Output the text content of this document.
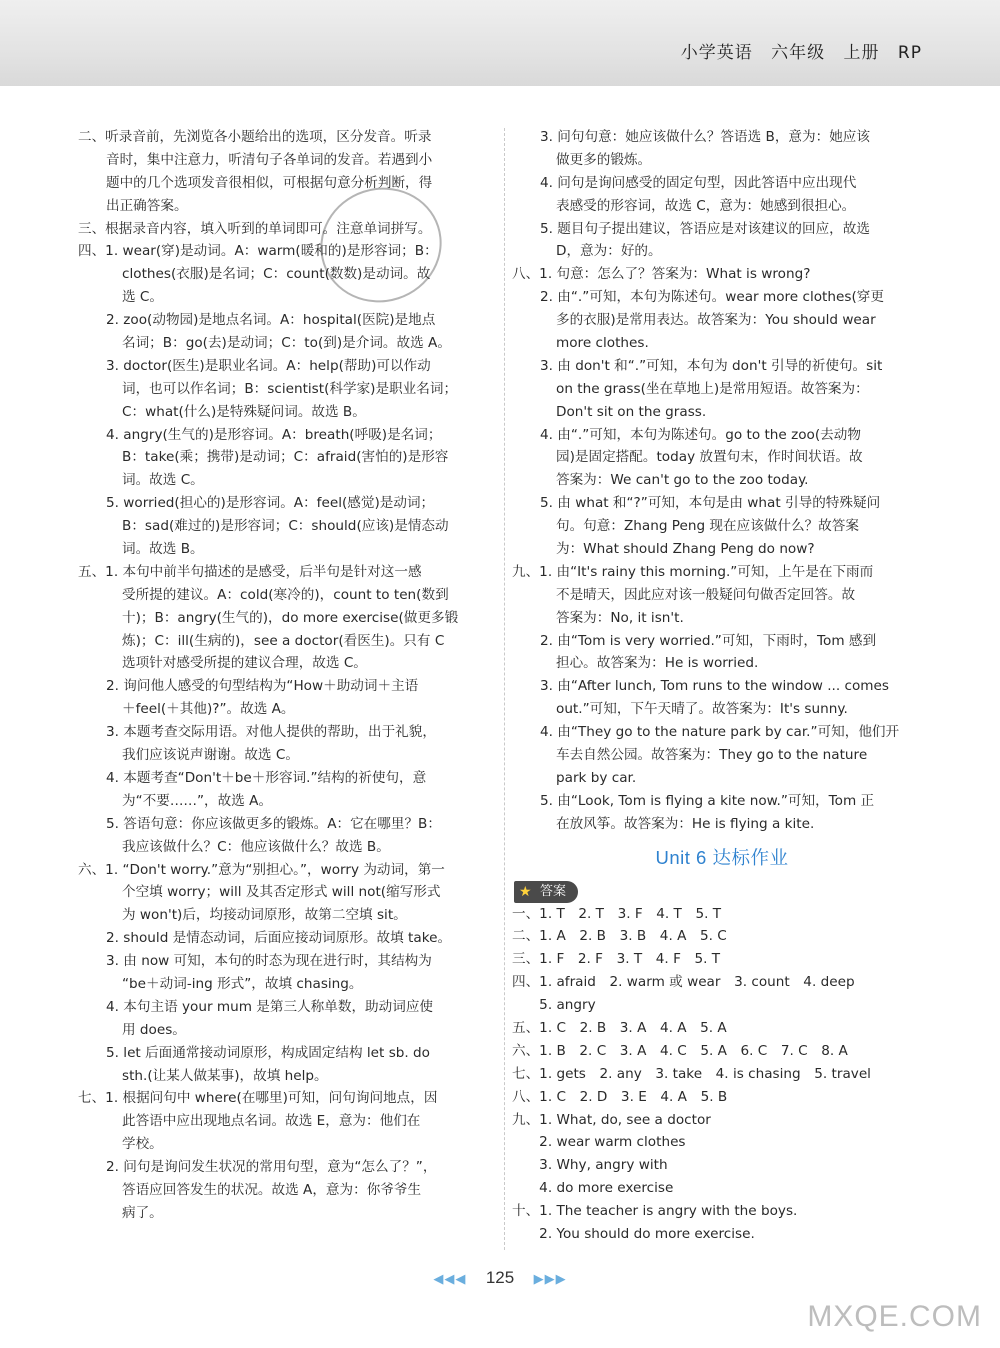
小学英语 六年级 上册 RP
二、听录音前，先浏览各小题给出的选项，区分发音。听录
音时，集中注意力，听清句子各单词的发音。若遇到小
题中的几个选项发音很相似，可根据句意分析判断，得
出正确答案。
三、根据录音内容，填入听到的单词即可。注意单词拼写。
四、1. wear(穿)是动词。A：warm(暖和的)是形容词；B：
clothes(衣服)是名词；C：count(数数)是动词。故
选 C。
2. zoo(动物园)是地点名词。A：hospital(医院)是地点
名词；B：go(去)是动词；C：to(到)是介词。故选 A。
3. doctor(医生)是职业名词。A：help(帮助)可以作动
词，也可以作名词；B：scientist(科学家)是职业名词；
C：what(什么)是特殊疑问词。故选 B。
4. angry(生气的)是形容词。A：breath(呼吸)是名词；
B：take(乘；携带)是动词；C：afraid(害怕的)是形容
词。故选 C。
5. worried(担心的)是形容词。A：feel(感觉)是动词；
B：sad(难过的)是形容词；C：should(应该)是情态动
词。故选 B。
五、1. 本句中前半句描述的是感受，后半句是针对这一感
受所提的建议。A：cold(寒冷的)，count to ten(数到
十)；B：angry(生气的)，do more exercise(做更多锻
炼)；C：ill(生病的)，see a doctor(看医生)。只有 C
选项针对感受所提的建议合理，故选 C。
2. 询问他人感受的句型结构为“How＋助动词＋主语
＋feel(＋其他)?”。故选 A。
3. 本题考查交际用语。对他人提供的帮助，出于礼貌，
我们应该说声谢谢。故选 C。
4. 本题考查“Don't＋be＋形容词.”结构的祈使句，意
为“不要……”，故选 A。
5. 答语句意：你应该做更多的锻炼。A：它在哪里？B：
我应该做什么？C：他应该做什么？故选 B。
六、1. “Don't worry.”意为“别担心。”，worry 为动词，第一
个空填 worry；will 及其否定形式 will not(缩写形式
为 won't)后，均接动词原形，故第二空填 sit。
2. should 是情态动词，后面应接动词原形。故填 take。
3. 由 now 可知，本句的时态为现在进行时，其结构为
“be＋动词-ing 形式”，故填 chasing。
4. 本句主语 your mum 是第三人称单数，助动词应使
用 does。
5. let 后面通常接动词原形，构成固定结构 let sb. do
sth.(让某人做某事)，故填 help。
七、1. 根据问句中 where(在哪里)可知，问句询问地点，因
此答语中应出现地点名词。故选 E，意为：他们在
学校。
2. 问句是询问发生状况的常用句型，意为“怎么了？”，
答语应回答发生的状况。故选 A，意为：你爷爷生
病了。
3. 问句句意：她应该做什么？答语选 B，意为：她应该
做更多的锻炼。
4. 问句是询问感受的固定句型，因此答语中应出现代
表感受的形容词，故选 C，意为：她感到很担心。
5. 题目句子提出建议，答语应是对该建议的回应，故选
D，意为：好的。
八、1. 句意：怎么了？答案为：What is wrong?
2. 由“.”可知，本句为陈述句。wear more clothes(穿更
多的衣服)是常用表达。故答案为：You should wear
more clothes.
3. 由 don't 和“.”可知，本句为 don't 引导的祈使句。sit
on the grass(坐在草地上)是常用短语。故答案为：
Don't sit on the grass.
4. 由“.”可知，本句为陈述句。go to the zoo(去动物
园)是固定搭配。today 放置句末，作时间状语。故
答案为：We can't go to the zoo today.
5. 由 what 和“?”可知，本句是由 what 引导的特殊疑问
句。句意：Zhang Peng 现在应该做什么？故答案
为：What should Zhang Peng do now?
九、1. 由“It's rainy this morning.”可知，上午是在下雨而
不是晴天，因此应对该一般疑问句做否定回答。故
答案为：No, it isn't.
2. 由“Tom is very worried.”可知，下雨时，Tom 感到
担心。故答案为：He is worried.
3. 由“After lunch, Tom runs to the window ... comes
out.”可知，下午天晴了。故答案为：It's sunny.
4. 由“They go to the nature park by car.”可知，他们开
车去自然公园。故答案为：They go to the nature
park by car.
5. 由“Look, Tom is flying a kite now.”可知，Tom 正
在放风筝。故答案为：He is flying a kite.
Unit 6 达标作业
★ 答案
一、1. T　2. T　3. F　4. T　5. T
二、1. A　2. B　3. B　4. A　5. C
三、1. F　2. F　3. T　4. F　5. T
四、1. afraid　2. warm 或 wear　3. count　4. deep
　　5. angry
五、1. C　2. B　3. A　4. A　5. A
六、1. B　2. C　3. A　4. C　5. A　6. C　7. C　8. A
七、1. gets　2. any　3. take　4. is chasing　5. travel
八、1. C　2. D　3. E　4. A　5. B
九、1. What, do, see a doctor
　　2. wear warm clothes
　　3. Why, angry with
　　4. do more exercise
十、1. The teacher is angry with the boys.
　　2. You should do more exercise.
◀◀◀ 125 ▶▶▶
MXQE.COM
